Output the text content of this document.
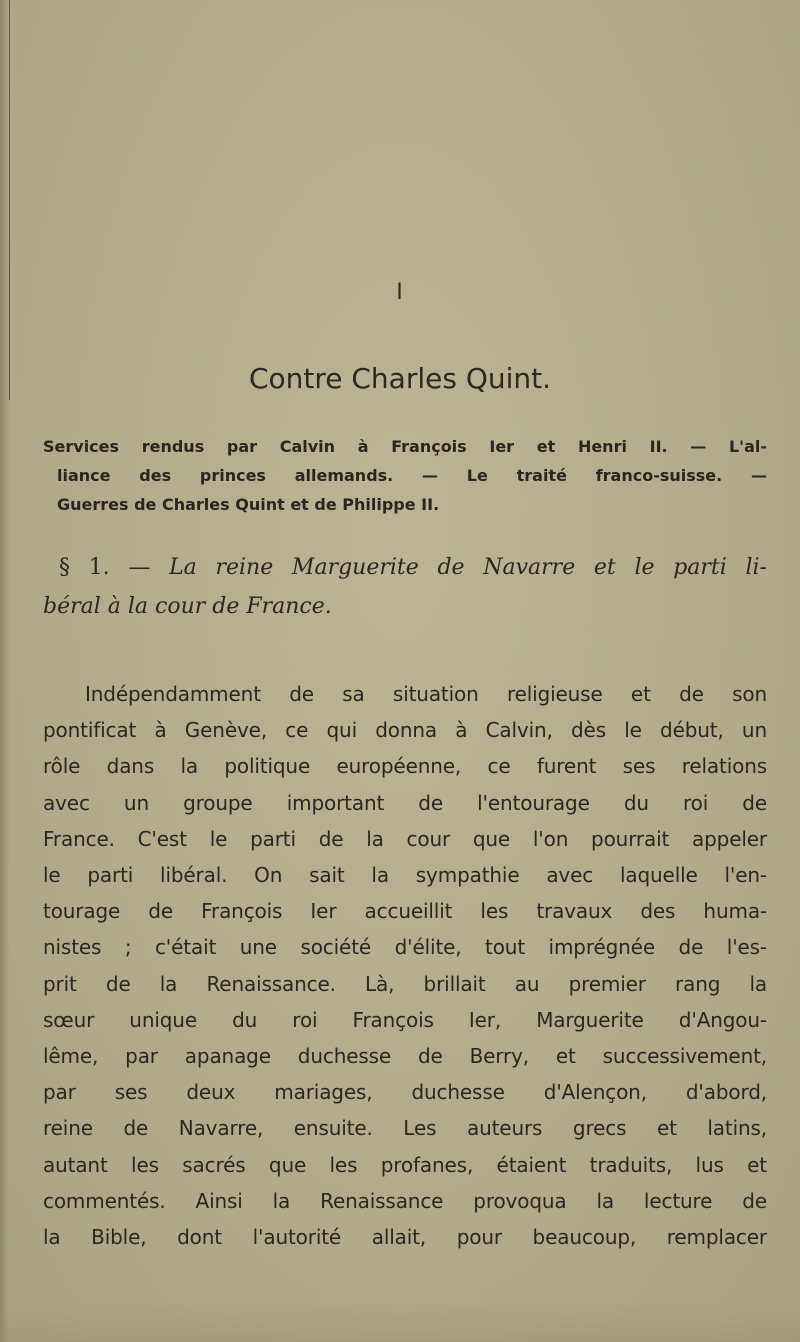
I
Contre Charles Quint.
Services rendus par Calvin à François Ier et Henri II. — L'al-
liance des princes allemands. — Le traité franco-suisse. —
Guerres de Charles Quint et de Philippe II.
§ 1. — La reine Marguerite de Navarre et le parti li-
béral à la cour de France.
Indépendamment de sa situation religieuse et de son
pontificat à Genève, ce qui donna à Calvin, dès le début, un
rôle dans la politique européenne, ce furent ses relations
avec un groupe important de l'entourage du roi de
France. C'est le parti de la cour que l'on pourrait appeler
le parti libéral. On sait la sympathie avec laquelle l'en-
tourage de François Ier accueillit les travaux des huma-
nistes ; c'était une société d'élite, tout imprégnée de l'es-
prit de la Renaissance. Là, brillait au premier rang la
sœur unique du roi François Ier, Marguerite d'Angou-
lême, par apanage duchesse de Berry, et successivement,
par ses deux mariages, duchesse d'Alençon, d'abord,
reine de Navarre, ensuite. Les auteurs grecs et latins,
autant les sacrés que les profanes, étaient traduits, lus et
commentés. Ainsi la Renaissance provoqua la lecture de
la Bible, dont l'autorité allait, pour beaucoup, remplacer
